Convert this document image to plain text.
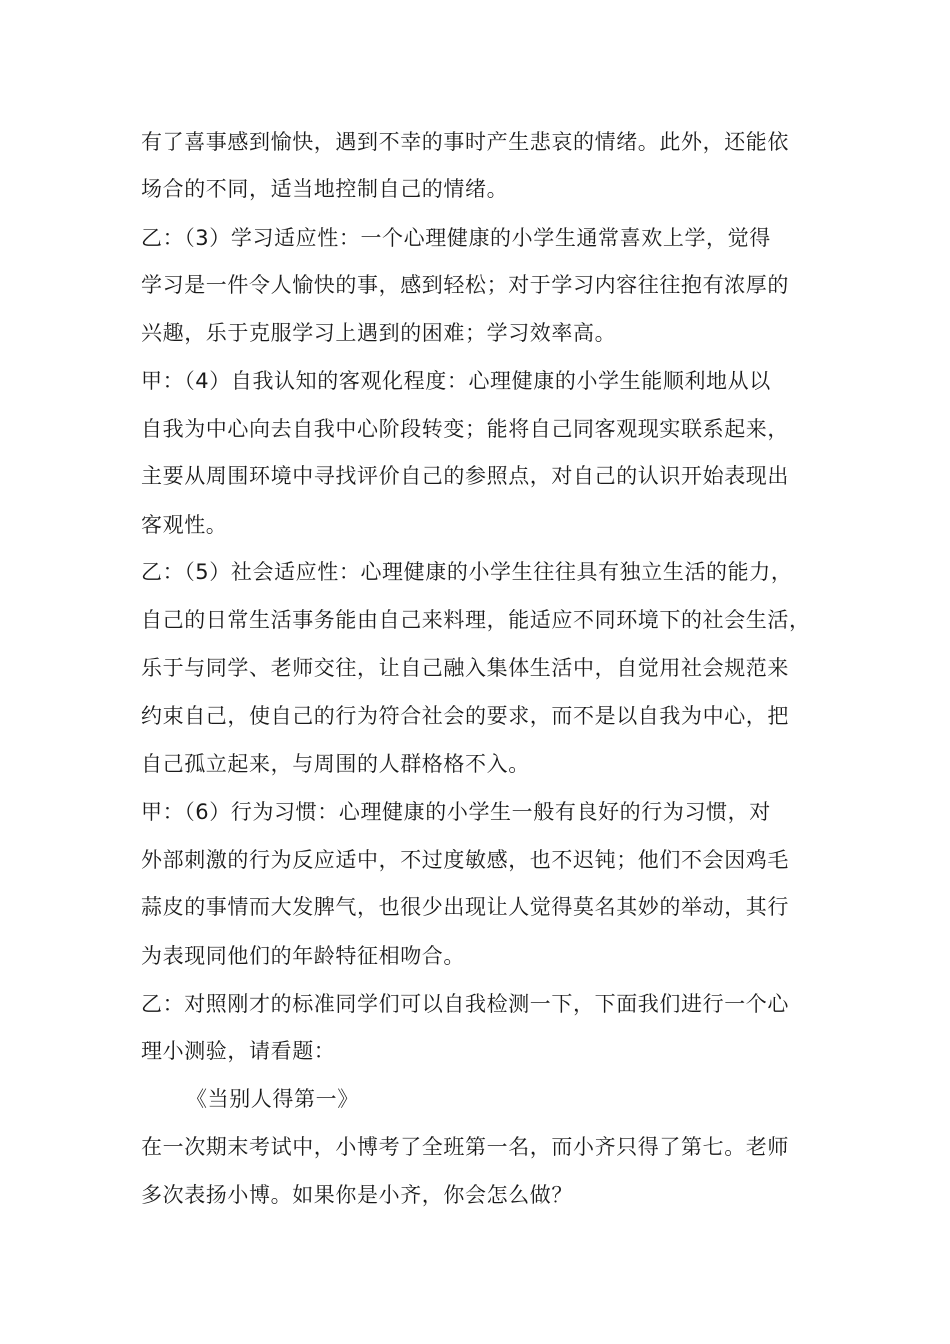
有了喜事感到愉快，遇到不幸的事时产生悲哀的情绪。此外，还能依
场合的不同，适当地控制自己的情绪。
乙：（3）学习适应性：一个心理健康的小学生通常喜欢上学，觉得
学习是一件令人愉快的事，感到轻松；对于学习内容往往抱有浓厚的
兴趣，乐于克服学习上遇到的困难；学习效率高。
甲：（4）自我认知的客观化程度：心理健康的小学生能顺利地从以
自我为中心向去自我中心阶段转变；能将自己同客观现实联系起来，
主要从周围环境中寻找评价自己的参照点，对自己的认识开始表现出
客观性。
乙：（5）社会适应性：心理健康的小学生往往具有独立生活的能力，
自己的日常生活事务能由自己来料理，能适应不同环境下的社会生活，
乐于与同学、老师交往，让自己融入集体生活中，自觉用社会规范来
约束自己，使自己的行为符合社会的要求，而不是以自我为中心，把
自己孤立起来，与周围的人群格格不入。
甲：（6）行为习惯：心理健康的小学生一般有良好的行为习惯，对
外部刺激的行为反应适中，不过度敏感，也不迟钝；他们不会因鸡毛
蒜皮的事情而大发脾气，也很少出现让人觉得莫名其妙的举动，其行
为表现同他们的年龄特征相吻合。
乙：对照刚才的标准同学们可以自我检测一下，下面我们进行一个心
理小测验，请看题：
《当别人得第一》
在一次期末考试中，小博考了全班第一名，而小齐只得了第七。老师
多次表扬小博。如果你是小齐，你会怎么做？
